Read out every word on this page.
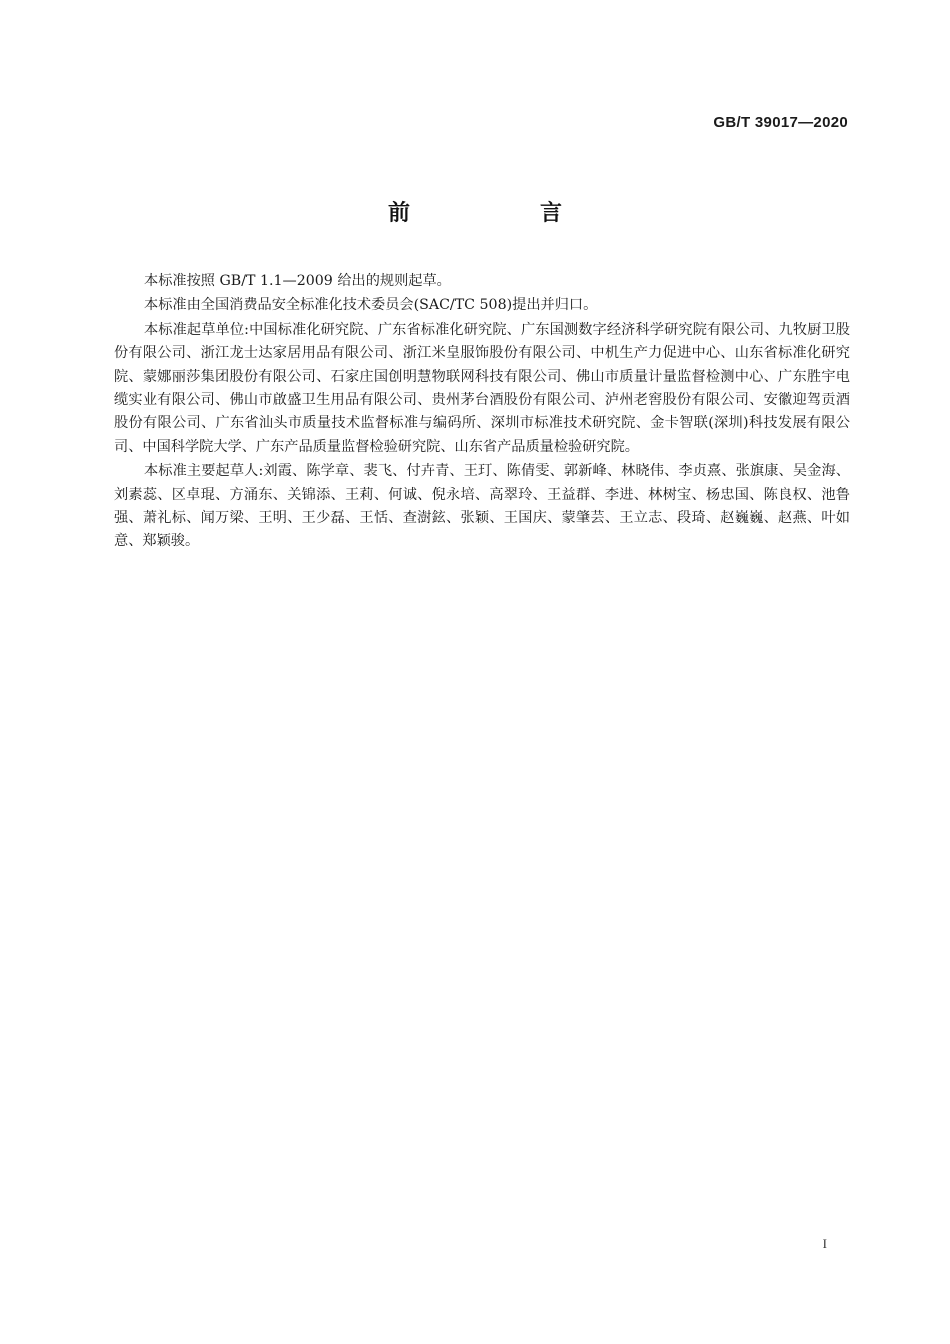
GB/T 39017—2020
前　言

本标准按照 GB/T 1.1—2009 给出的规则起草。

本标准由全国消费品安全标准化技术委员会(SAC/TC 508)提出并归口。

本标准起草单位:中国标准化研究院、广东省标准化研究院、广东国测数字经济科学研究院有限公司、九牧厨卫股份有限公司、浙江龙士达家居用品有限公司、浙江米皇服饰股份有限公司、中机生产力促进中心、山东省标准化研究院、蒙娜丽莎集团股份有限公司、石家庄国创明慧物联网科技有限公司、佛山市质量计量监督检测中心、广东胜宇电缆实业有限公司、佛山市啟盛卫生用品有限公司、贵州茅台酒股份有限公司、泸州老窖股份有限公司、安徽迎驾贡酒股份有限公司、广东省汕头市质量技术监督标准与编码所、深圳市标准技术研究院、金卡智联(深圳)科技发展有限公司、中国科学院大学、广东产品质量监督检验研究院、山东省产品质量检验研究院。

本标准主要起草人:刘霞、陈学章、裴飞、付卉青、王玎、陈倩雯、郭新峰、林晓伟、李贞熹、张旗康、吴金海、刘素蕊、区卓琨、方涌东、关锦添、王莉、何诚、倪永培、高翠玲、王益群、李进、林树宝、杨忠国、陈良权、池鲁强、萧礼标、闻万梁、王明、王少磊、王恬、查澍鉉、张颖、王国庆、蒙肇芸、王立志、段琦、赵巍巍、赵燕、叶如意、郑颖骏。

I
